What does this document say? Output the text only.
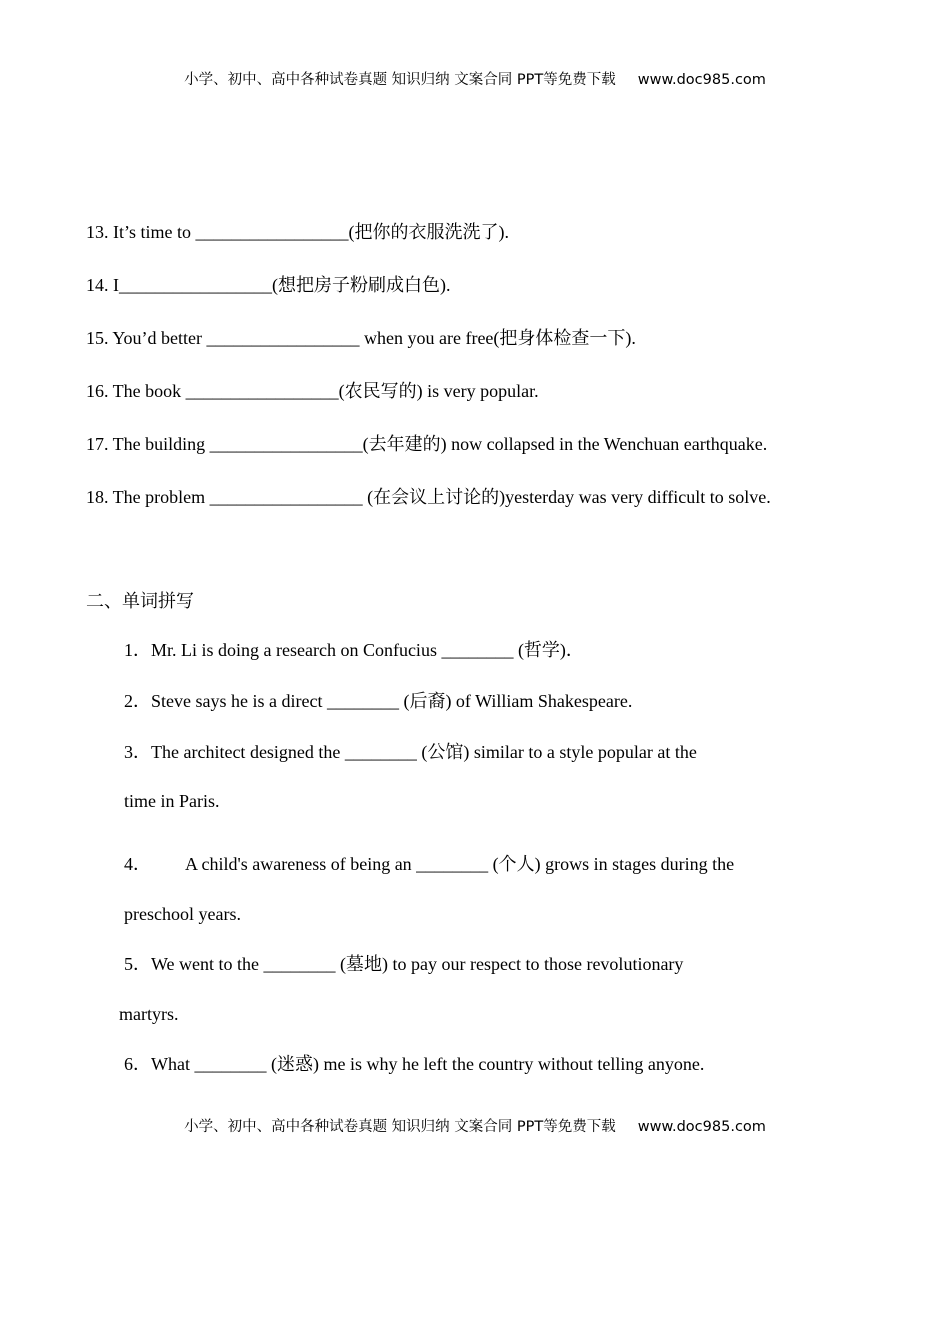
小学、初中、高中各种试卷真题 知识归纳 文案合同 PPT等免费下载 www.doc985.com
13. It’s time to _________________(把你的衣服洗洗了).
14. I_________________(想把房子粉刷成白色).
15. You’d better _________________ when you are free(把身体检查一下).
16. The book _________________(农民写的) is very popular.
17. The building _________________(去年建的) now collapsed in the Wenchuan earthquake.
18. The problem _________________ (在会议上讨论的)yesterday was very difficult to solve.
二、单词拼写
1．Mr. Li is doing a research on Confucius ________ (哲学)．
2．Steve says he is a direct ________ (后裔) of William Shakespeare.
3．The architect designed the ________ (公馆) similar to a style popular at the
time in Paris.
4． A child's awareness of being an ________ (个人) grows in stages during the
preschool years.
5．We went to the ________ (墓地) to pay our respect to those revolutionary
martyrs.
6．What ________ (迷惑) me is why he left the country without telling anyone.
小学、初中、高中各种试卷真题 知识归纳 文案合同 PPT等免费下载 www.doc985.com
